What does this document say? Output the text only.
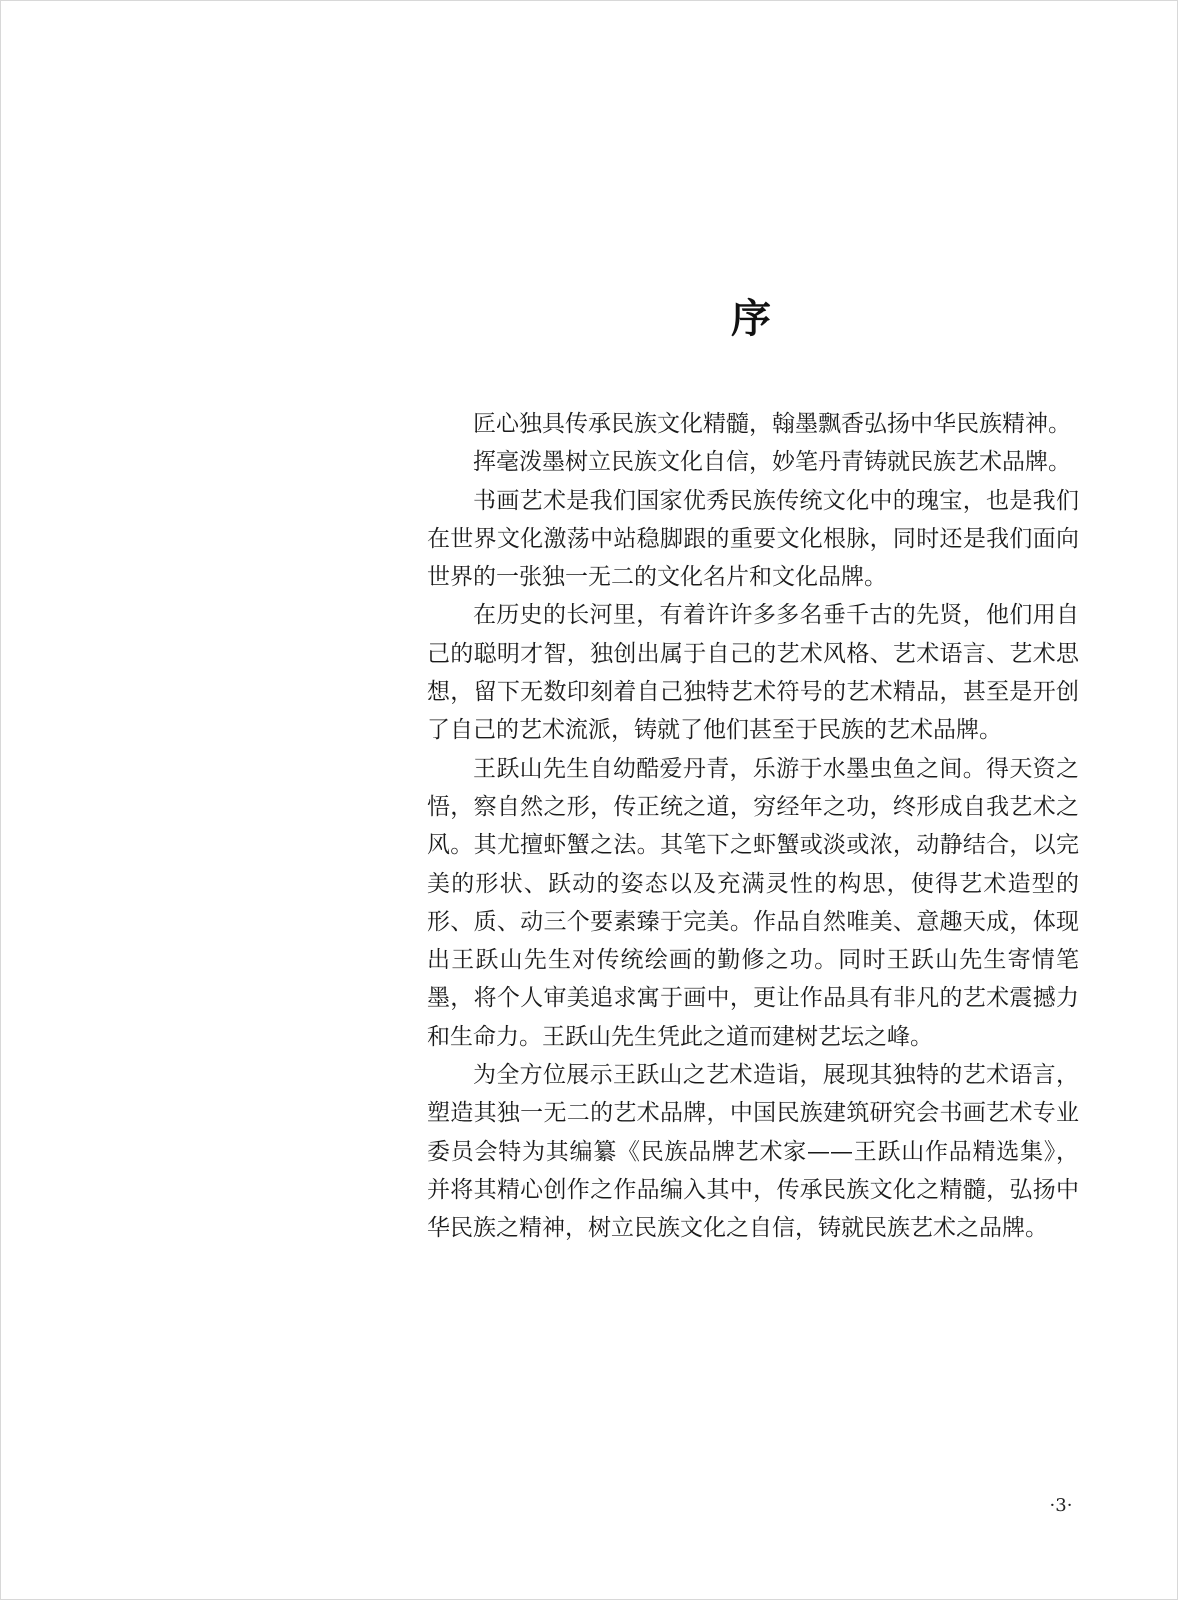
序

匠心独具传承民族文化精髓，翰墨飘香弘扬中华民族精神。

挥毫泼墨树立民族文化自信，妙笔丹青铸就民族艺术品牌。

书画艺术是我们国家优秀民族传统文化中的瑰宝，也是我们在世界文化激荡中站稳脚跟的重要文化根脉，同时还是我们面向世界的一张独一无二的文化名片和文化品牌。

在历史的长河里，有着许许多多名垂千古的先贤，他们用自己的聪明才智，独创出属于自己的艺术风格、艺术语言、艺术思想，留下无数印刻着自己独特艺术符号的艺术精品，甚至是开创了自己的艺术流派，铸就了他们甚至于民族的艺术品牌。

王跃山先生自幼酷爱丹青，乐游于水墨虫鱼之间。得天资之悟，察自然之形，传正统之道，穷经年之功，终形成自我艺术之风。其尤擅虾蟹之法。其笔下之虾蟹或淡或浓，动静结合，以完美的形状、跃动的姿态以及充满灵性的构思，使得艺术造型的形、质、动三个要素臻于完美。作品自然唯美、意趣天成，体现出王跃山先生对传统绘画的勤修之功。同时王跃山先生寄情笔墨，将个人审美追求寓于画中，更让作品具有非凡的艺术震撼力和生命力。王跃山先生凭此之道而建树艺坛之峰。

为全方位展示王跃山之艺术造诣，展现其独特的艺术语言，塑造其独一无二的艺术品牌，中国民族建筑研究会书画艺术专业委员会特为其编纂《民族品牌艺术家——王跃山作品精选集》，并将其精心创作之作品编入其中，传承民族文化之精髓，弘扬中华民族之精神，树立民族文化之自信，铸就民族艺术之品牌。

·3·
